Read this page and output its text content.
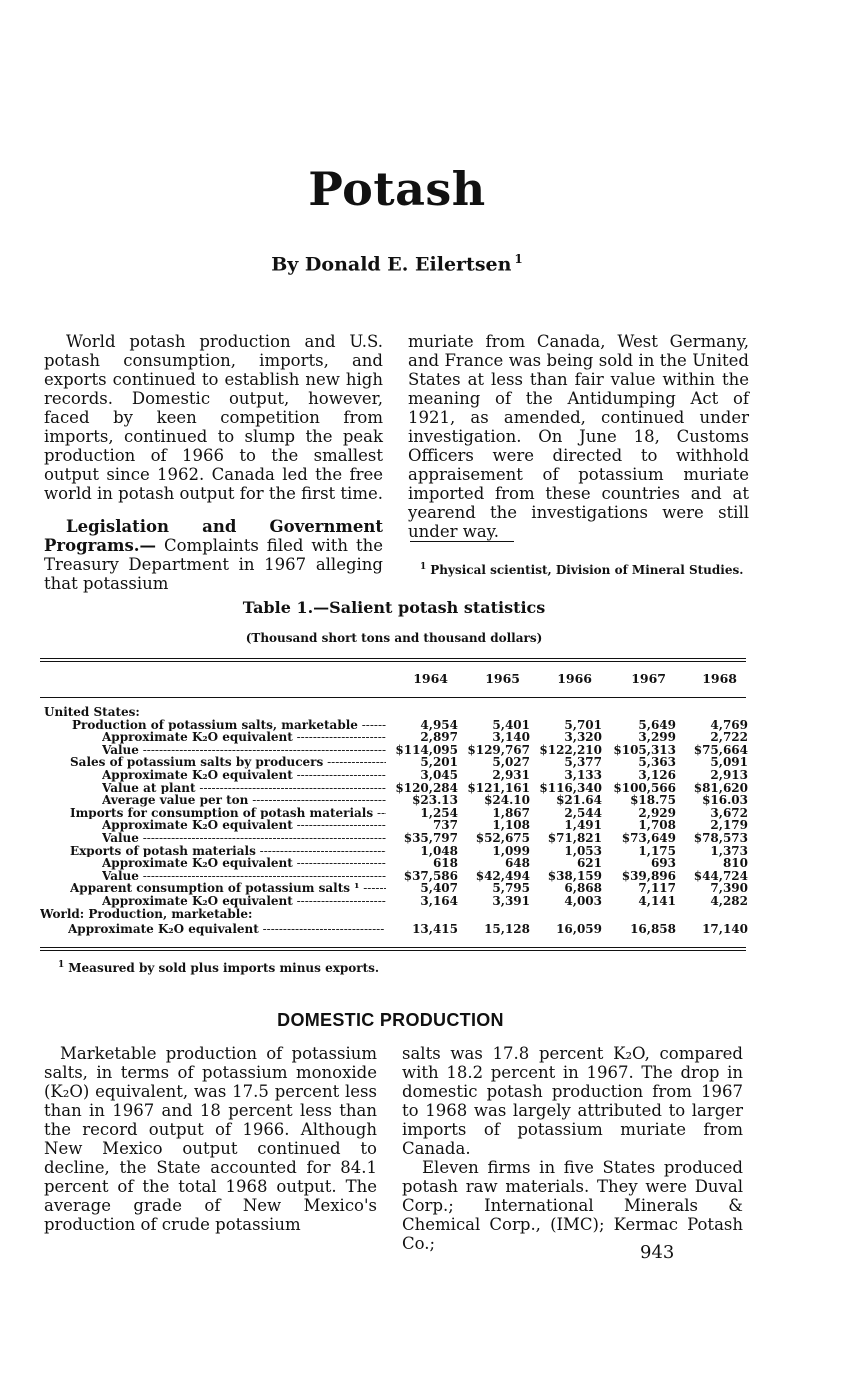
Potash
By Donald E. Eilertsen $^1$

World potash production and U.S. potash consumption, imports, and exports continued to establish new high records. Domestic output, however, faced by keen competition from imports, continued to slump the peak production of 1966 to the smallest output since 1962. Canada led the free world in potash output for the first time.

Legislation and Government Programs.— Complaints filed with the Treasury Department in 1967 alleging that potassium

muriate from Canada, West Germany, and France was being sold in the United States at less than fair value within the meaning of the Antidumping Act of 1921, as amended, continued under investigation. On June 18, Customs Officers were directed to withhold appraisement of potassium muriate imported from these countries and at yearend the investigations were still under way.

$^1$ Physical scientist, Division of Mineral Studies.
Table 1.—Salient potash statistics
(Thousand short tons and thousand dollars)
1964	1965	1966	1967	1968
United States:
Production of potassium salts, marketable -----	4,954	5,401	5,701	5,649	4,769
Approximate K₂O equivalent -----	2,897	3,140	3,320	3,299	2,722
Value -----	$114,095 $129,767 $122,210 $105,313	$75,664
Sales of potassium salts by producers -----	5,201	5,027	5,377	5,363	5,091
Approximate K₂O equivalent -----	3,045	2,931	3,133	3,126	2,913
Value at plant -----	$120,284 $121,161 $116,340 $100,566	$81,620
Average value per ton -----	$23.13	$24.10	$21.64	$18.75	$16.03
Imports for consumption of potash materials -----	1,254	1,867	2,544	2,929	3,672
Approximate K₂O equivalent -----	737	1,108	1,491	1,708	2,179
Value -----	$35,797	$52,675	$71,821	$73,649	$78,573
Exports of potash materials -----	1,048	1,099	1,053	1,175	1,373
Approximate K₂O equivalent -----	618	648	621	693	810
Value -----	$37,586	$42,494	$38,159	$39,896	$44,724
Apparent consumption of potassium salts ¹ -----	5,407	5,795	6,868	7,117	7,390
Approximate K₂O equivalent -----	3,164	3,391	4,003	4,141	4,282
World: Production, marketable:
Approximate K₂O equivalent -----	13,415	15,128	16,059	16,858	17,140
$^1$ Measured by sold plus imports minus exports.
DOMESTIC PRODUCTION

Marketable production of potassium salts, in terms of potassium monoxide (K₂O) equivalent, was 17.5 percent less than in 1967 and 18 percent less than the record output of 1966. Although New Mexico output continued to decline, the State accounted for 84.1 percent of the total 1968 output. The average grade of New Mexico's production of crude potassium

salts was 17.8 percent K₂O, compared with 18.2 percent in 1967. The drop in domestic potash production from 1967 to 1968 was largely attributed to larger imports of potassium muriate from Canada.

Eleven firms in five States produced potash raw materials. They were Duval Corp.; International Minerals & Chemical Corp., (IMC); Kermac Potash Co.;	943
